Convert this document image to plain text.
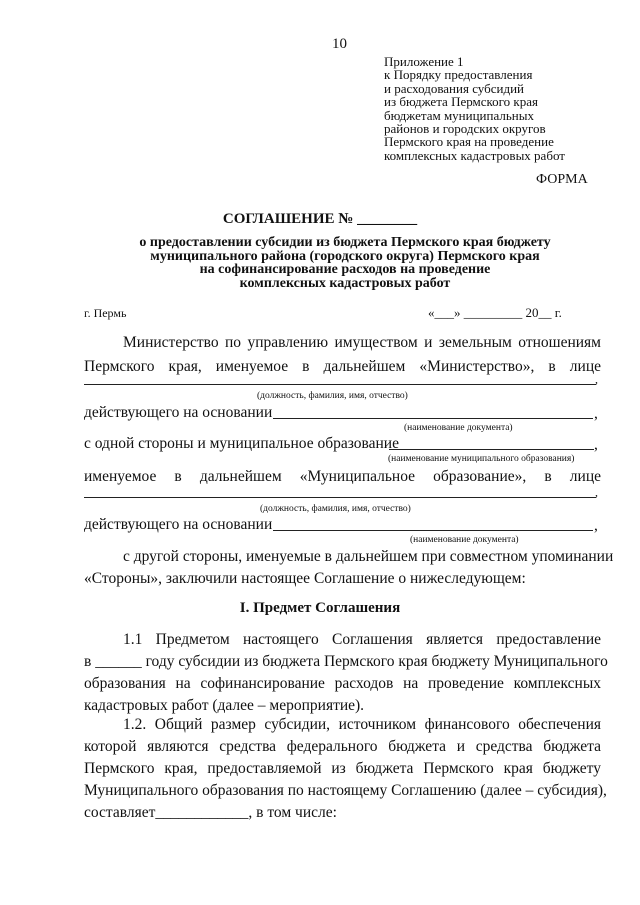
10
Приложение 1
к Порядку предоставления
и расходования субсидий
из бюджета Пермского края
бюджетам муниципальных
районов и городских округов
Пермского края на проведение
комплексных кадастровых работ
ФОРМА
СОГЛАШЕНИЕ № ________
о предоставлении субсидии из бюджета Пермского края бюджету
муниципального района (городского округа) Пермского края
на софинансирование расходов на проведение
комплексных кадастровых работ
г. Пермь	«___» _________ 20__ г.
Министерство по управлению имуществом и земельным отношениям
Пермского края, именуемое в дальнейшем «Министерство», в лице
,
(должность, фамилия, имя, отчество)
действующего на основании	,
(наименование документа)
с одной стороны и муниципальное образование	,
(наименование муниципального образования)
именуемое в дальнейшем «Муниципальное образование», в лице
,
(должность, фамилия, имя, отчество)
действующего на основании	,
(наименование документа)
с другой стороны, именуемые в дальнейшем при совместном упоминании
«Стороны», заключили настоящее Соглашение о нижеследующем:
I. Предмет Соглашения
1.1 Предметом настоящего Соглашения является предоставление
в ______ году субсидии из бюджета Пермского края бюджету Муниципального
образования на софинансирование расходов на проведение комплексных
кадастровых работ (далее – мероприятие).
1.2. Общий размер субсидии, источником финансового обеспечения
которой являются средства федерального бюджета и средства бюджета
Пермского края, предоставляемой из бюджета Пермского края бюджету
Муниципального образования по настоящему Соглашению (далее – субсидия),
составляет____________, в том числе:
